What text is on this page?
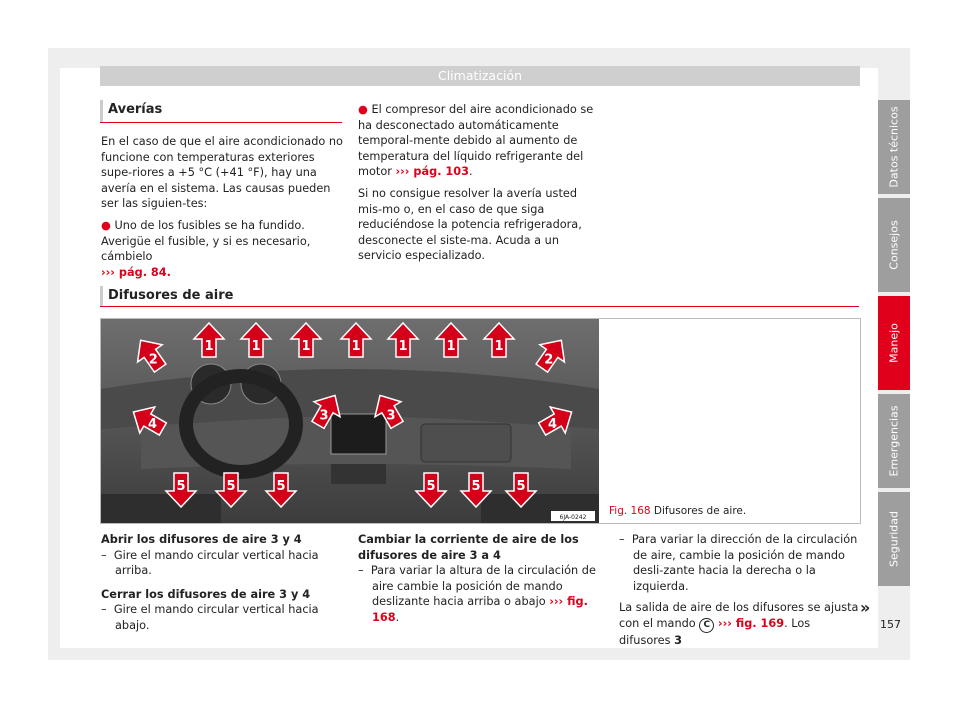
Climatización
Datos técnicos
Consejos
Manejo
Emergencias
Seguridad
Averías

En el caso de que el aire acondicionado no funcione con temperaturas exteriores supe-riores a +5 °C (+41 °F), hay una avería en el sistema. Las causas pueden ser las siguien-tes:

● Uno de los fusibles se ha fundido. Averigüe el fusible, y si es necesario, cámbielo
››› pág. 84.

● El compresor del aire acondicionado se ha desconectado automáticamente temporal-mente debido al aumento de temperatura del líquido refrigerante del motor ››› pág. 103.

Si no consigue resolver la avería usted mis-mo o, en el caso de que siga reduciéndose la potencia refrigeradora, desconecte el siste-ma. Acuda a un servicio especializado.

Difusores de aire
1	1	1	1	1	1	1
2	2
3	3
4	4
5	5	5	5	5	5
6JA-0242
Fig. 168 Difusores de aire.
Abrir los difusores de aire 3 y 4

– Gire el mando circular vertical hacia arriba.

Cerrar los difusores de aire 3 y 4

– Gire el mando circular vertical hacia abajo.

Cambiar la corriente de aire de los difusores de aire 3 a 4

– Para variar la altura de la circulación de aire cambie la posición de mando deslizante hacia arriba o abajo ››› fig. 168.

– Para variar la dirección de la circulación de aire, cambie la posición de mando desli-zante hacia la derecha o la izquierda.

La salida de aire de los difusores se ajusta con el mando C ››› fig. 169. Los difusores 3

»
157
